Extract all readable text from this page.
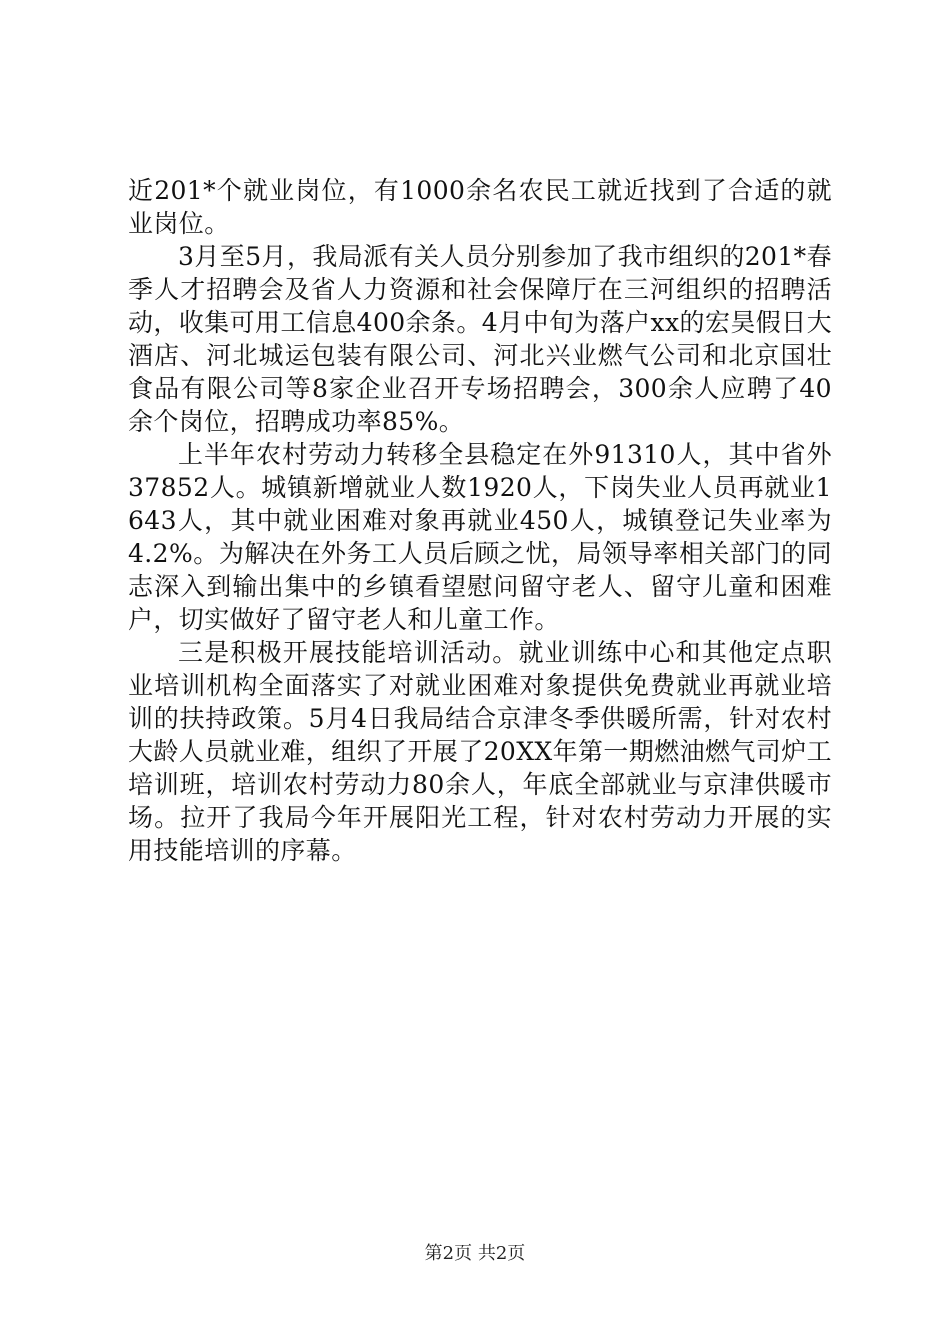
近201*个就业岗位，有1000余名农民工就近找到了合适的就业岗位。

3月至5月，我局派有关人员分别参加了我市组织的201*春季人才招聘会及省人力资源和社会保障厅在三河组织的招聘活动，收集可用工信息400余条。4月中旬为落户xx的宏昊假日大酒店、河北城运包装有限公司、河北兴业燃气公司和北京国壮食品有限公司等8家企业召开专场招聘会，300余人应聘了40余个岗位，招聘成功率85%。

上半年农村劳动力转移全县稳定在外91310人，其中省外37852人。城镇新增就业人数1920人，下岗失业人员再就业1643人，其中就业困难对象再就业450人，城镇登记失业率为4.2%。为解决在外务工人员后顾之忧，局领导率相关部门的同志深入到输出集中的乡镇看望慰问留守老人、留守儿童和困难户，切实做好了留守老人和儿童工作。

三是积极开展技能培训活动。就业训练中心和其他定点职业培训机构全面落实了对就业困难对象提供免费就业再就业培训的扶持政策。5月4日我局结合京津冬季供暖所需，针对农村大龄人员就业难，组织了开展了20XX年第一期燃油燃气司炉工培训班，培训农村劳动力80余人，年底全部就业与京津供暖市场。拉开了我局今年开展阳光工程，针对农村劳动力开展的实用技能培训的序幕。

第2页 共2页
